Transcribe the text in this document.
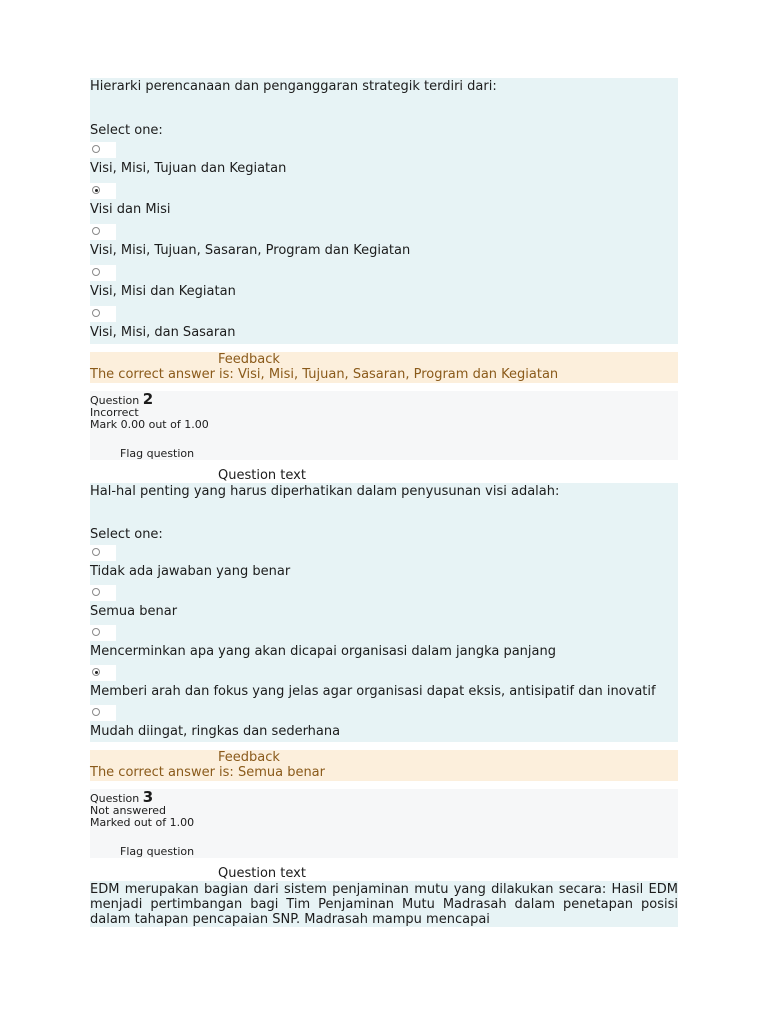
Hierarki perencanaan dan penganggaran strategik terdiri dari:
Select one:
Visi, Misi, Tujuan dan Kegiatan
Visi dan Misi
Visi, Misi, Tujuan, Sasaran, Program dan Kegiatan
Visi, Misi dan Kegiatan
Visi, Misi, dan Sasaran
Feedback
The correct answer is: Visi, Misi, Tujuan, Sasaran, Program dan Kegiatan
Question 2
Incorrect
Mark 0.00 out of 1.00
Flag question
Question text
Hal-hal penting yang harus diperhatikan dalam penyusunan visi adalah:
Select one:
Tidak ada jawaban yang benar
Semua benar
Mencerminkan apa yang akan dicapai organisasi dalam jangka panjang
Memberi arah dan fokus yang jelas agar organisasi dapat eksis, antisipatif dan inovatif
Mudah diingat, ringkas dan sederhana
Feedback
The correct answer is: Semua benar
Question 3
Not answered
Marked out of 1.00
Flag question
Question text
EDM merupakan bagian dari sistem penjaminan mutu yang dilakukan secara: Hasil EDM menjadi pertimbangan bagi Tim Penjaminan Mutu Madrasah dalam penetapan posisi dalam tahapan pencapaian SNP. Madrasah mampu mencapai
